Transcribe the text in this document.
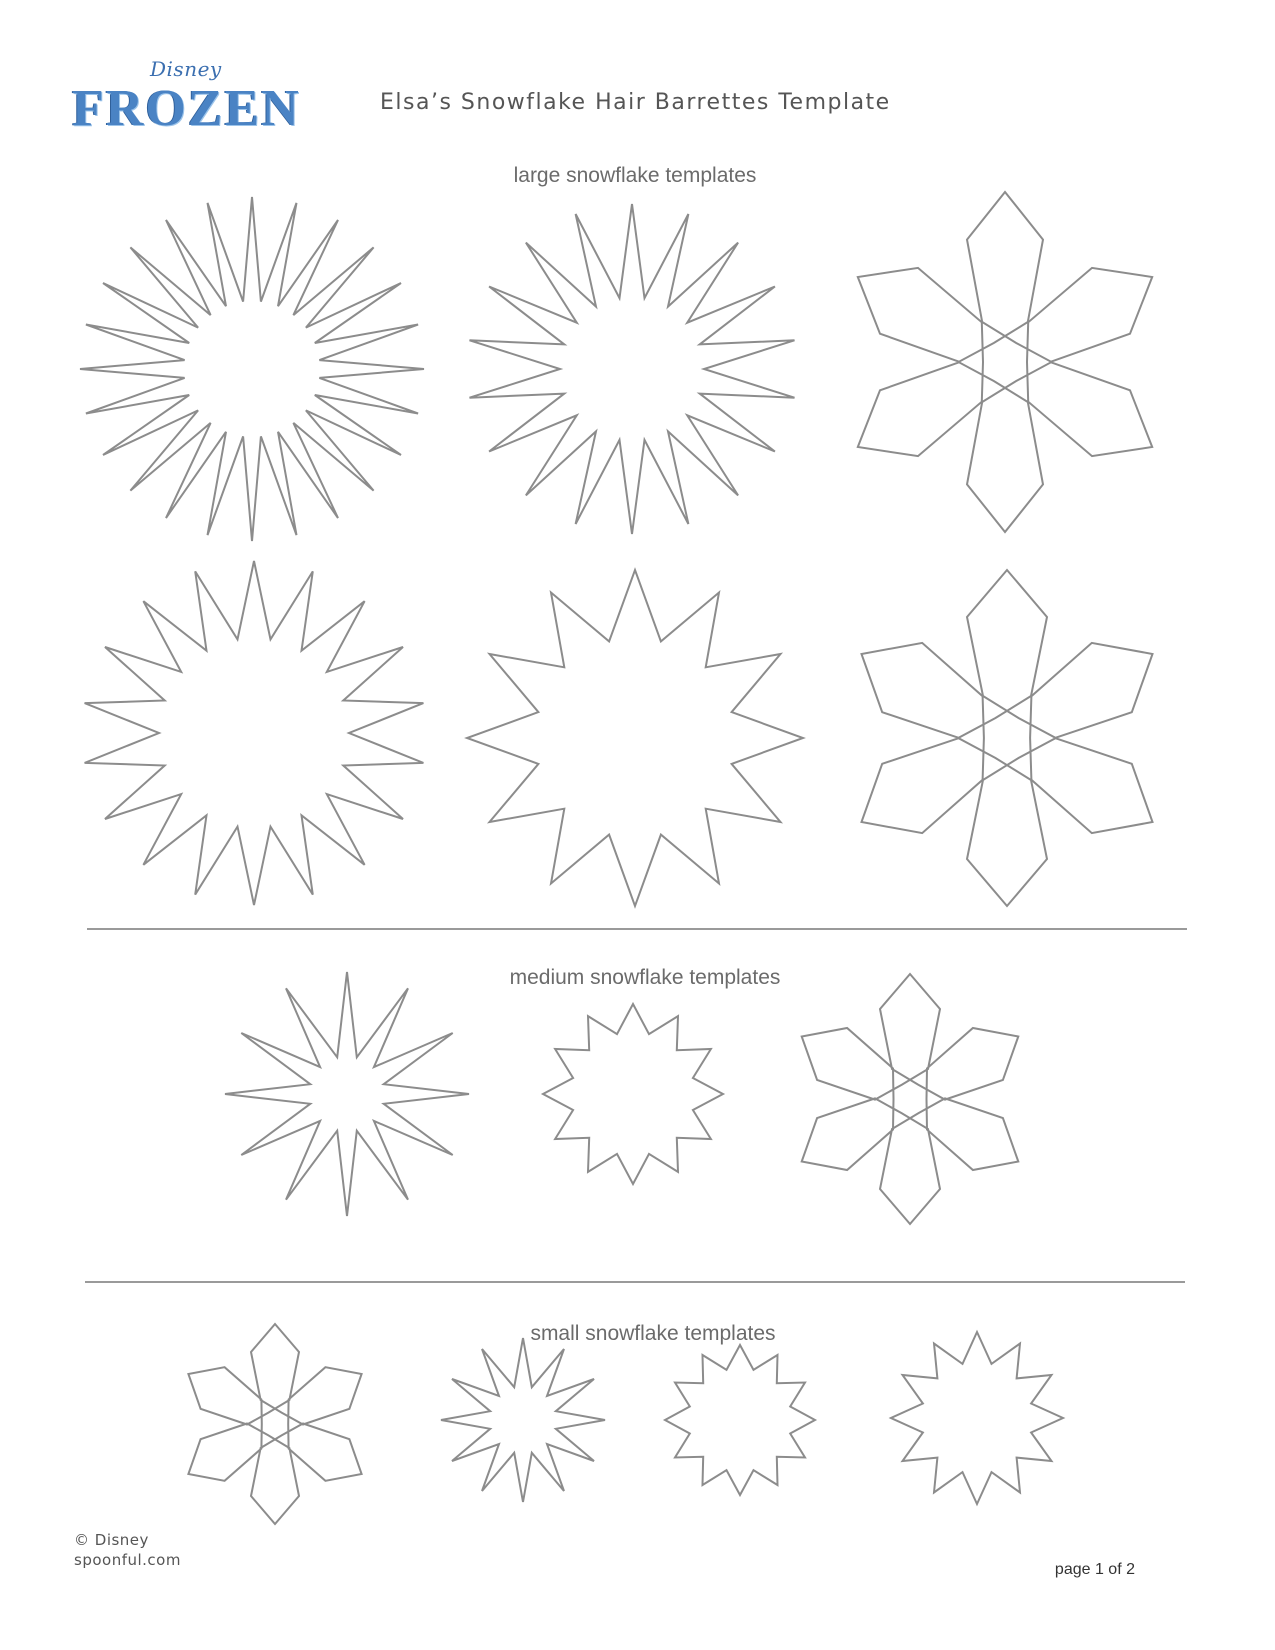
Disney
FROZEN	Elsa’s Snowflake Hair Barrettes Template
large snowflake templates
medium snowflake templates
small snowflake templates
© Disney
spoonful.com
page 1 of 2
